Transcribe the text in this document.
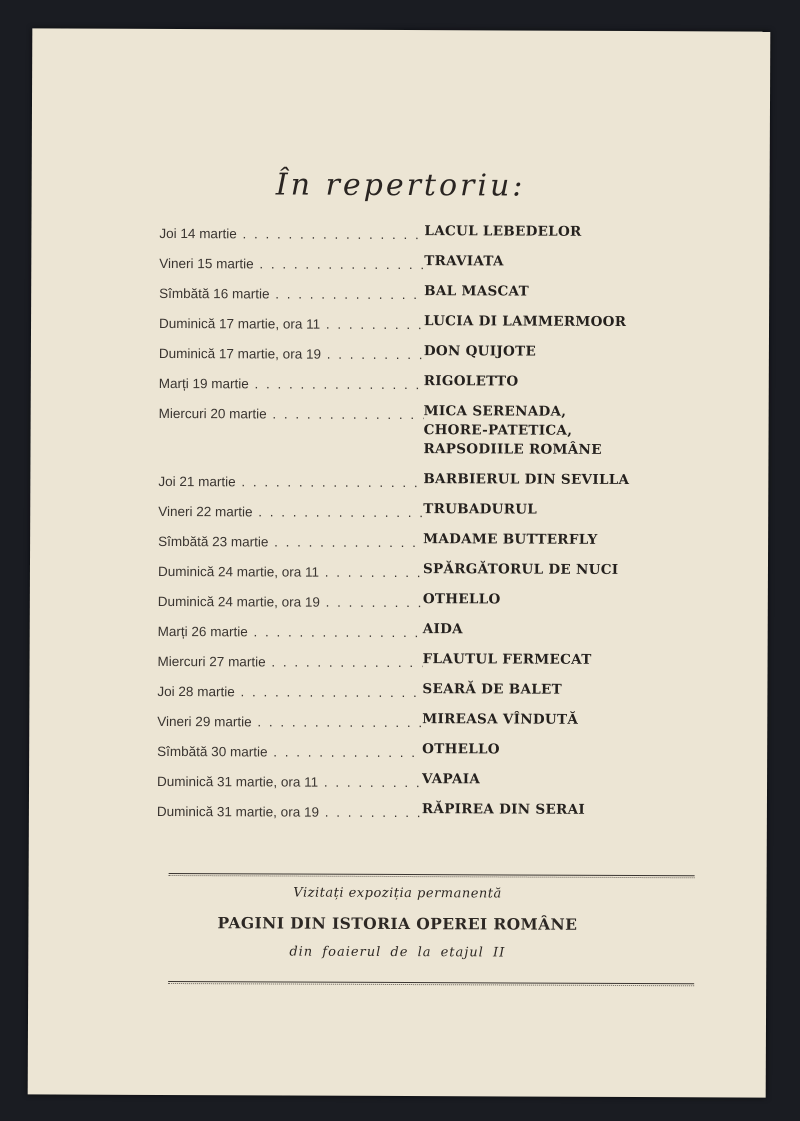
În repertoriu:
Joi 14 martie . . .	LACUL LEBEDELOR
Vineri 15 martie . . .	TRAVIATA
Sîmbătă 16 martie . . .	BAL MASCAT
Duminică 17 martie, ora 11 . . .	LUCIA DI LAMMERMOOR
Duminică 17 martie, ora 19 . . .	DON QUIJOTE
Marți 19 martie . . .	RIGOLETTO
Miercuri 20 martie . . .	MICA SERENADA,
CHORE-PATETICA,
RAPSODIILE ROMÂNE
Joi 21 martie . . .	BARBIERUL DIN SEVILLA
Vineri 22 martie . . .	TRUBADURUL
Sîmbătă 23 martie . . .	MADAME BUTTERFLY
Duminică 24 martie, ora 11 . . .	SPĂRGĂTORUL DE NUCI
Duminică 24 martie, ora 19 . . .	OTHELLO
Marți 26 martie . . .	AIDA
Miercuri 27 martie . . .	FLAUTUL FERMECAT
Joi 28 martie . . .	SEARĂ DE BALET
Vineri 29 martie . . .	MIREASA VÎNDUTĂ
Sîmbătă 30 martie . . .	OTHELLO
Duminică 31 martie, ora 11 . . .	VAPAIA
Duminică 31 martie, ora 19 . . .	RĂPIREA DIN SERAI
Vizitați expoziția permanentă
PAGINI DIN ISTORIA OPEREI ROMÂNE
din foaierul de la etajul II
